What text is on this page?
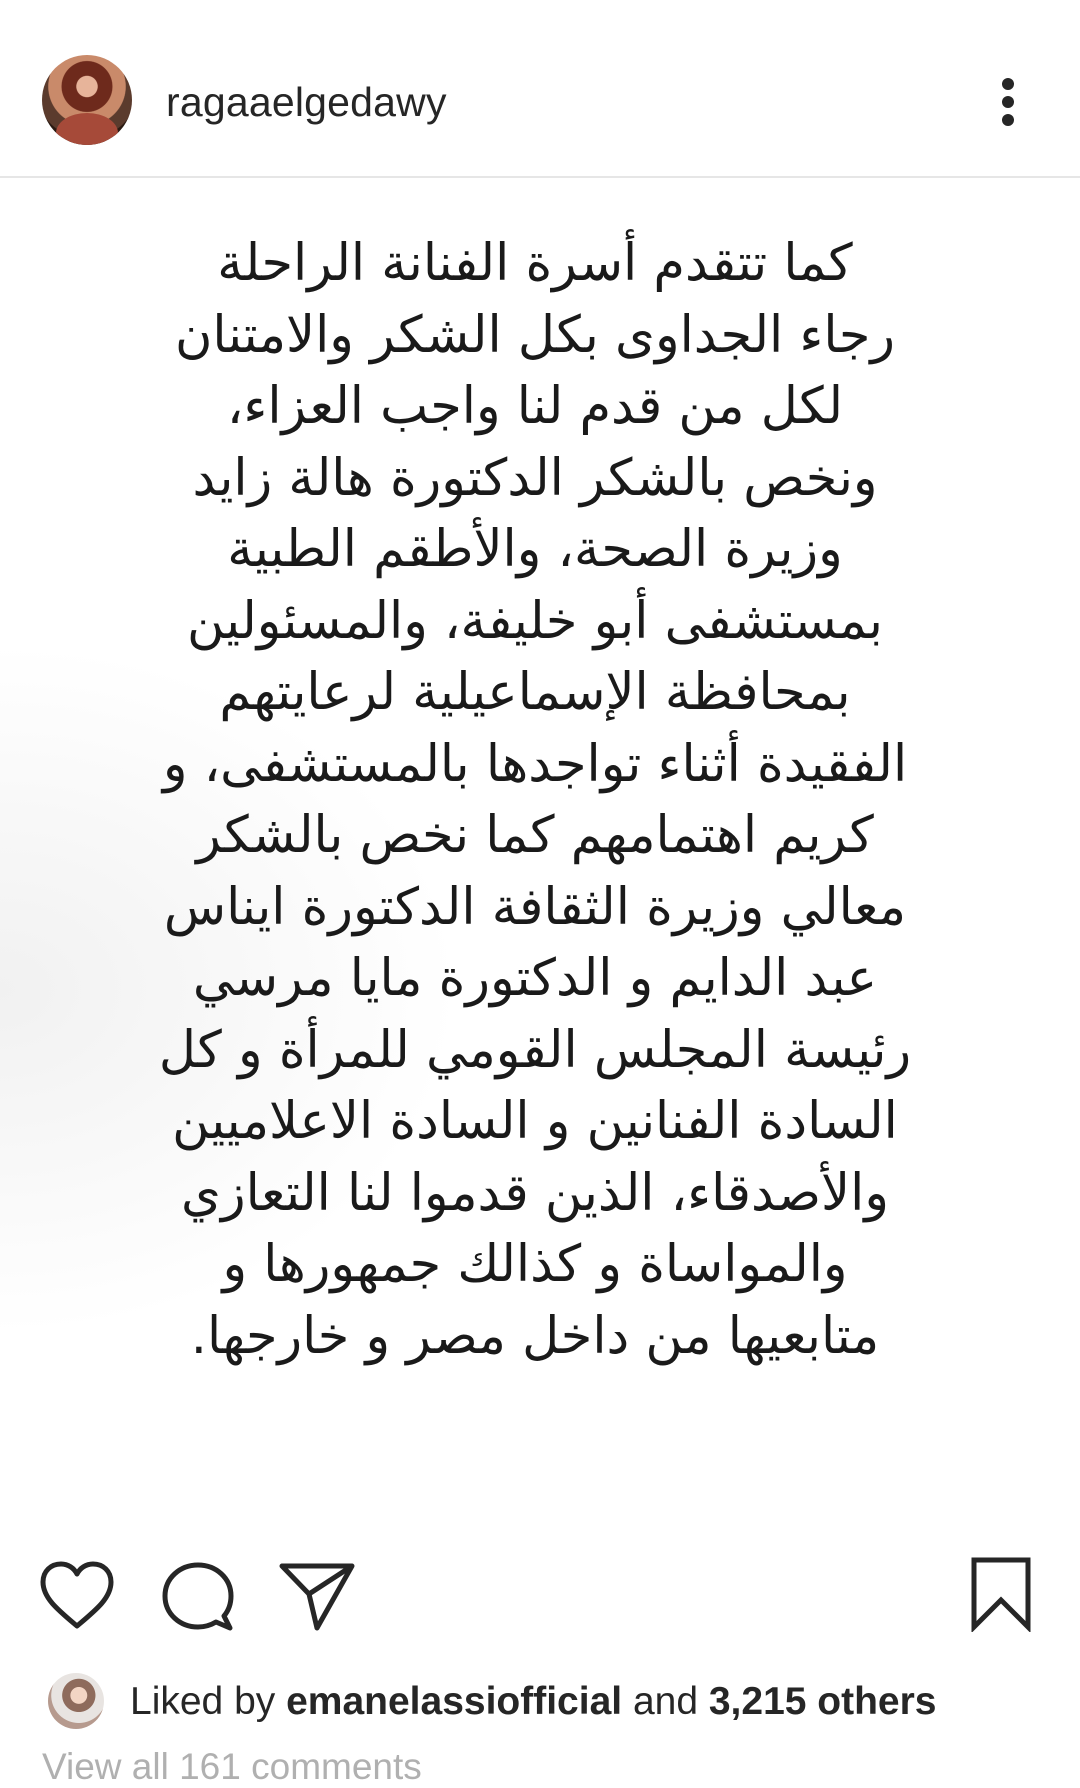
ragaaelgedawy
كما تتقدم أسرة الفنانة الراحلة
رجاء الجداوى بكل الشكر والامتنان
لكل من قدم لنا واجب العزاء،
ونخص بالشكر الدكتورة هالة زايد
وزيرة الصحة، والأطقم الطبية
بمستشفى أبو خليفة، والمسئولين
بمحافظة الإسماعيلية لرعايتهم
الفقيدة أثناء تواجدها بالمستشفى، و
كريم اهتمامهم كما نخص بالشكر
معالي وزيرة الثقافة الدكتورة ايناس
عبد الدايم و الدكتورة مايا مرسي
رئيسة المجلس القومي للمرأة و كل
السادة الفنانين و السادة الاعلاميين
والأصدقاء، الذين قدموا لنا التعازي
والمواساة و كذالك جمهورها و
متابعيها من داخل مصر و خارجها.
Liked by emanelassiofficial and 3,215 others
View all 161 comments
